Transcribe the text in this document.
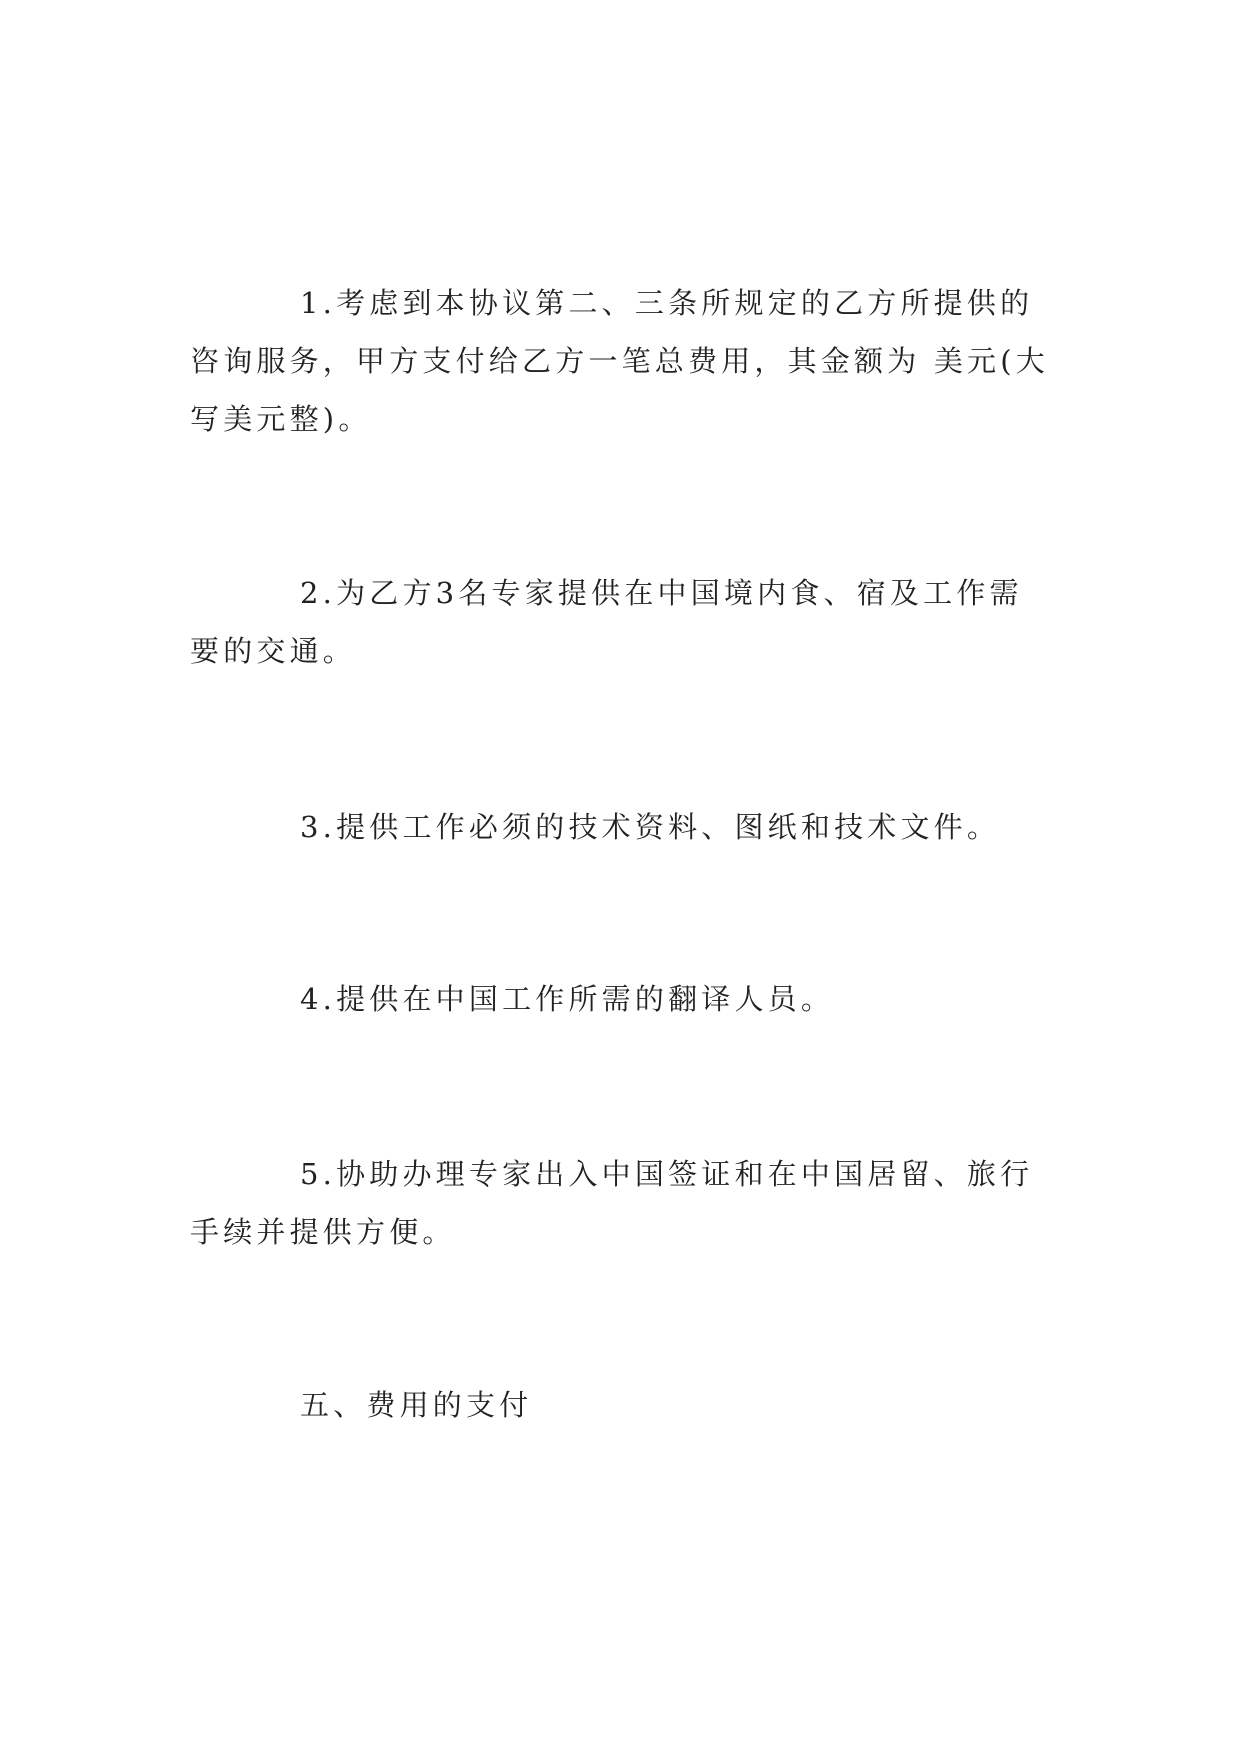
1.考虑到本协议第二、三条所规定的乙方所提供的咨询服务，甲方支付给乙方一笔总费用，其金额为 美元(大写美元整)。

2.为乙方3名专家提供在中国境内食、宿及工作需要的交通。

3.提供工作必须的技术资料、图纸和技术文件。

4.提供在中国工作所需的翻译人员。

5.协助办理专家出入中国签证和在中国居留、旅行手续并提供方便。

五、费用的支付
